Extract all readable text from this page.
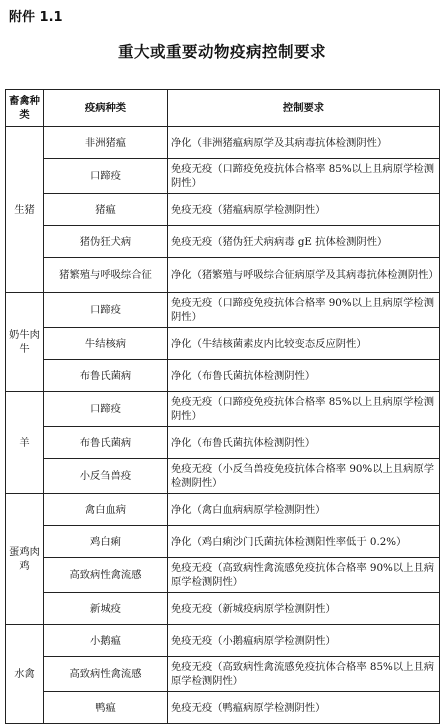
附件 1.1
重大或重要动物疫病控制要求
畜禽种类	疫病种类	控制要求
生猪	非洲猪瘟	净化（非洲猪瘟病原学及其病毒抗体检测阴性）
	口蹄疫	免疫无疫（口蹄疫免疫抗体合格率 85%以上且病原学检测阴性）
	猪瘟	免疫无疫（猪瘟病原学检测阴性）
	猪伪狂犬病	免疫无疫（猪伪狂犬病病毒 gE 抗体检测阴性）
	猪繁殖与呼吸综合征	净化（猪繁殖与呼吸综合征病原学及其病毒抗体检测阴性）
奶牛肉牛	口蹄疫	免疫无疫（口蹄疫免疫抗体合格率 90%以上且病原学检测阴性）
	牛结核病	净化（牛结核菌素皮内比较变态反应阴性）
	布鲁氏菌病	净化（布鲁氏菌抗体检测阴性）
羊	口蹄疫	免疫无疫（口蹄疫免疫抗体合格率 85%以上且病原学检测阴性）
	布鲁氏菌病	净化（布鲁氏菌抗体检测阴性）
	小反刍兽疫	免疫无疫（小反刍兽疫免疫抗体合格率 90%以上且病原学检测阴性）
蛋鸡肉鸡	禽白血病	净化（禽白血病病原学检测阴性）
	鸡白痢	净化（鸡白痢沙门氏菌抗体检测阳性率低于 0.2%）
	高致病性禽流感	免疫无疫（高致病性禽流感免疫抗体合格率 90%以上且病原学检测阴性）
	新城疫	免疫无疫（新城疫病原学检测阴性）
水禽	小鹅瘟	免疫无疫（小鹅瘟病原学检测阴性）
	高致病性禽流感	免疫无疫（高致病性禽流感免疫抗体合格率 85%以上且病原学检测阴性）
	鸭瘟	免疫无疫（鸭瘟病原学检测阴性）
